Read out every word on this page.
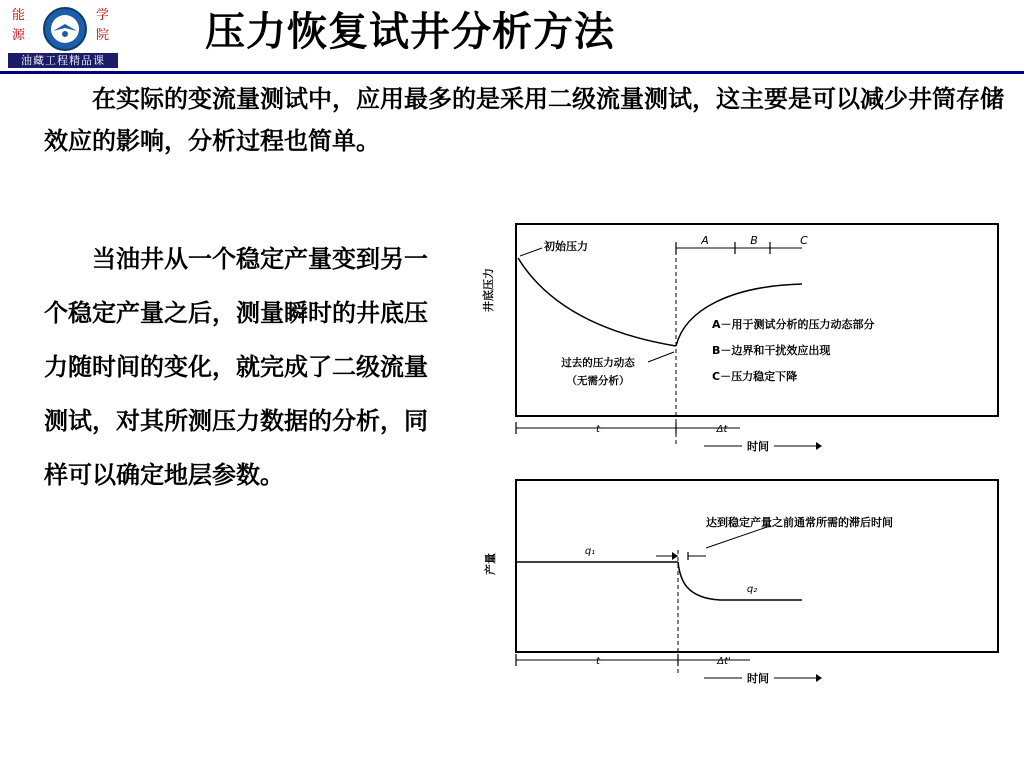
能
源
学
院
油藏工程精品课
压力恢复试井分析方法
在实际的变流量测试中，应用最多的是采用二级流量测试，这主要是可以减少井筒存储效应的影响，分析过程也简单。
当油井从一个稳定产量变到另一个稳定产量之后，测量瞬时的井底压力随时间的变化，就完成了二级流量测试，对其所测压力数据的分析，同样可以确定地层参数。
井底压力
初始压力	A	B	C
过去的压力动态
（无需分析）
A－用于测试分析的压力动态部分
B－边界和干扰效应出现
C－压力稳定下降
t	Δt
时间
产量
q₁
q₂
达到稳定产量之前通常所需的滞后时间
t	Δt'
时间
